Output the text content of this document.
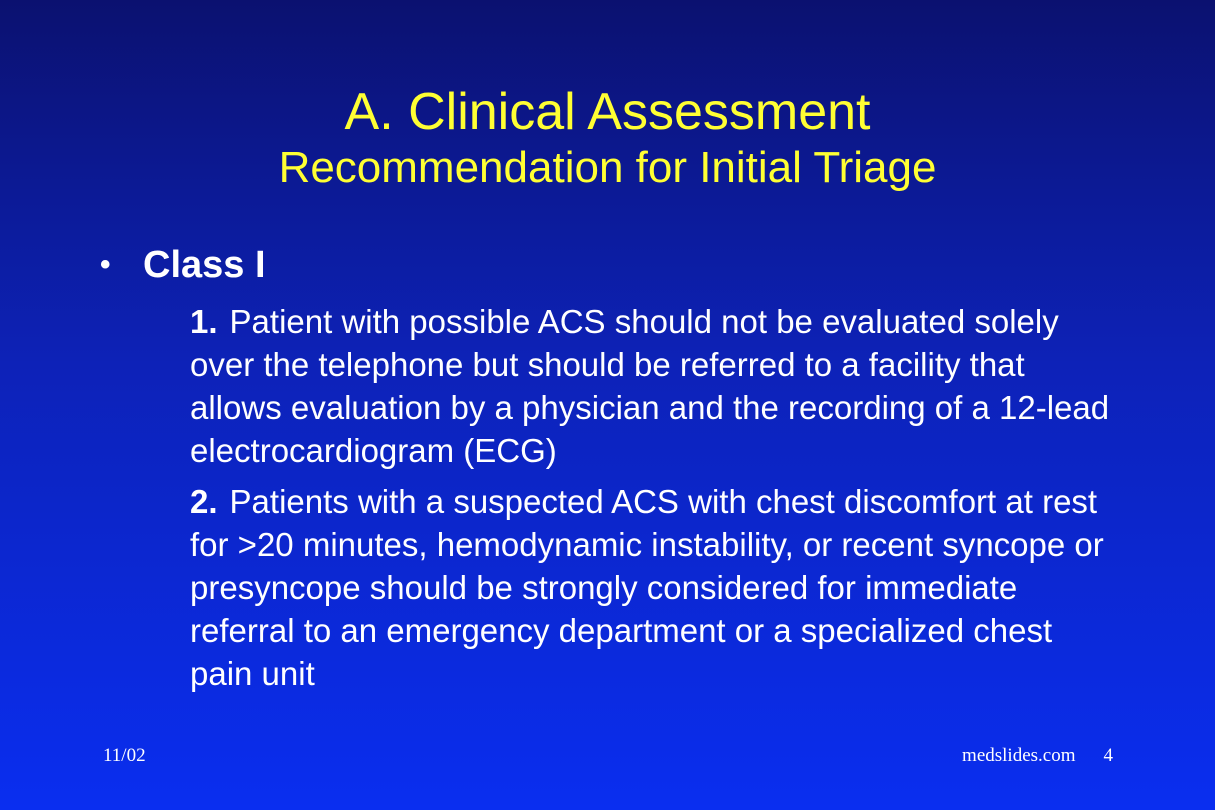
A. Clinical Assessment
Recommendation for Initial Triage
• Class I

1. Patient with possible ACS should not be evaluated solely over the telephone but should be referred to a facility that allows evaluation by a physician and the recording of a 12-lead electrocardiogram (ECG)

2. Patients with a suspected ACS with chest discomfort at rest for >20 minutes, hemodynamic instability, or recent syncope or presyncope should be strongly considered for immediate referral to an emergency department or a specialized chest pain unit

11/02	medslides.com 4
